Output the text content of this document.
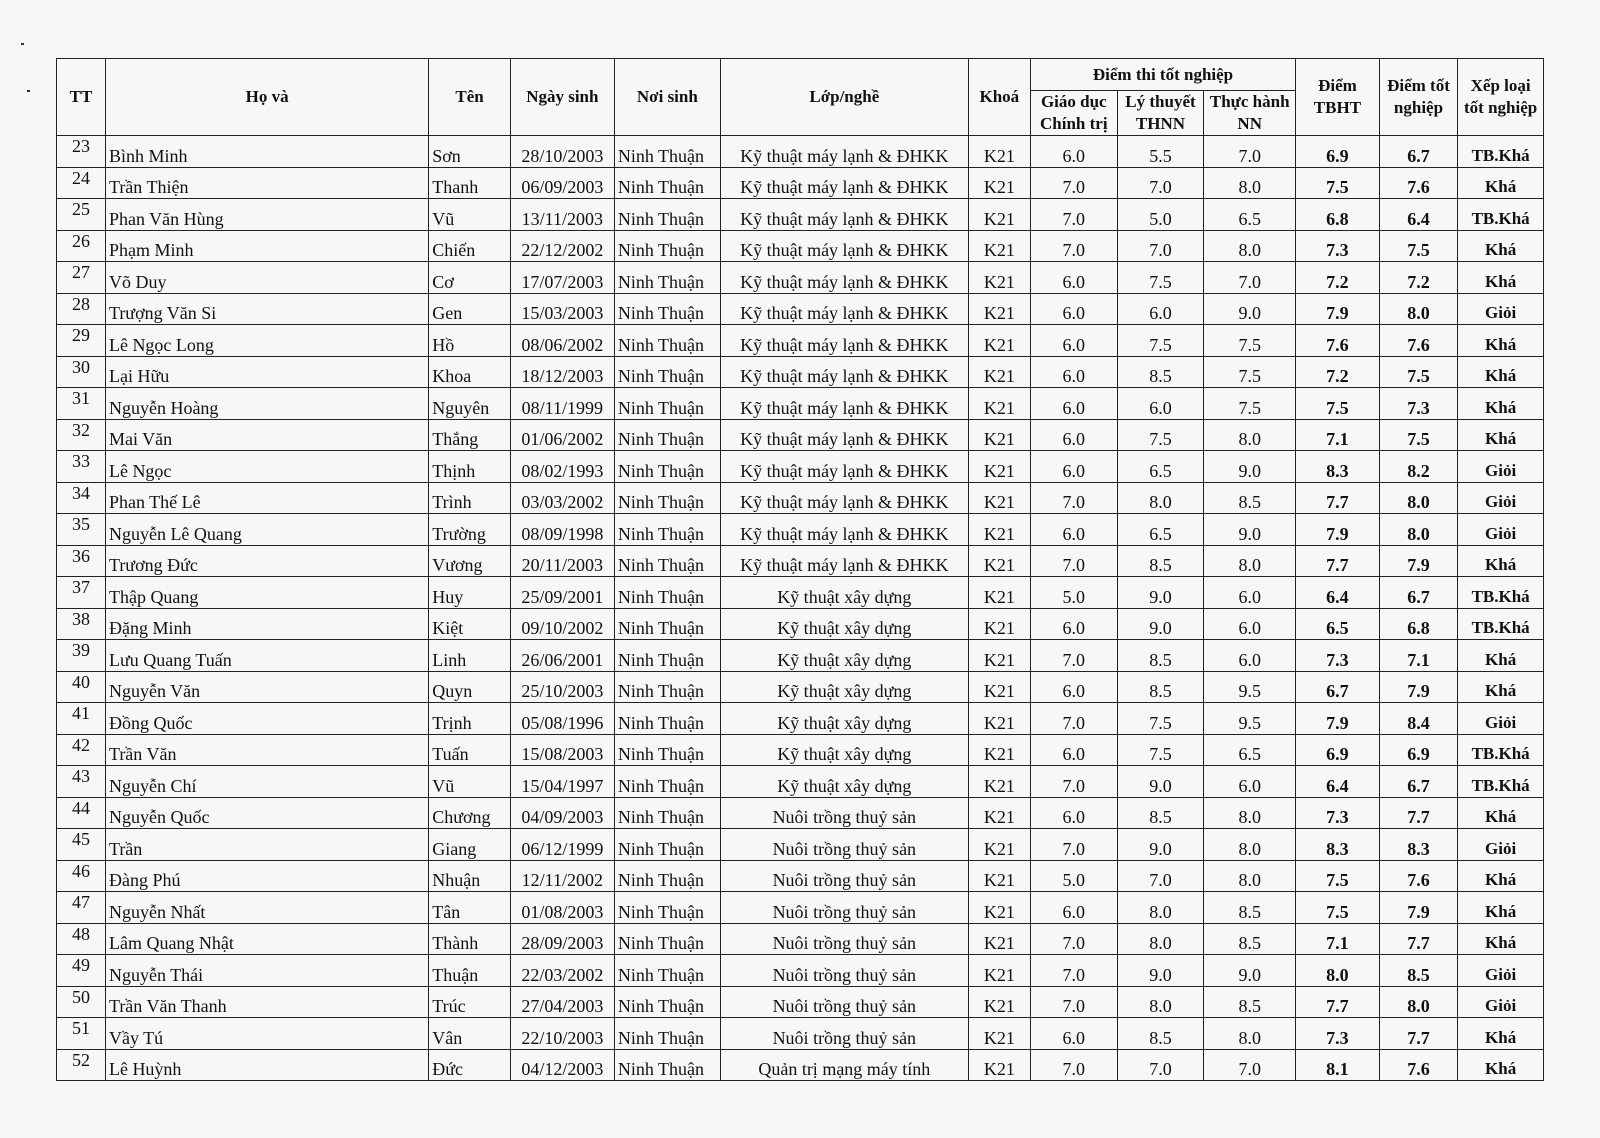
TT	Họ và	Tên	Ngày sinh	Nơi sinh	Lớp/nghề	Khoá	Điểm thi tốt nghiệp			Điểm TBHT	Điểm tốt nghiệp	Xếp loại tốt nghiệp
							Giáo dục Chính trị	Lý thuyết THNN	Thực hành NN			
23	Bình Minh	Sơn	28/10/2003	Ninh Thuận	Kỹ thuật máy lạnh & ĐHKK	K21	6.0	5.5	7.0	6.9	6.7	TB.Khá
24	Trần Thiện	Thanh	06/09/2003	Ninh Thuận	Kỹ thuật máy lạnh & ĐHKK	K21	7.0	7.0	8.0	7.5	7.6	Khá
25	Phan Văn Hùng	Vũ	13/11/2003	Ninh Thuận	Kỹ thuật máy lạnh & ĐHKK	K21	7.0	5.0	6.5	6.8	6.4	TB.Khá
26	Phạm Minh	Chiến	22/12/2002	Ninh Thuận	Kỹ thuật máy lạnh & ĐHKK	K21	7.0	7.0	8.0	7.3	7.5	Khá
27	Võ Duy	Cơ	17/07/2003	Ninh Thuận	Kỹ thuật máy lạnh & ĐHKK	K21	6.0	7.5	7.0	7.2	7.2	Khá
28	Trượng Văn Si	Gen	15/03/2003	Ninh Thuận	Kỹ thuật máy lạnh & ĐHKK	K21	6.0	6.0	9.0	7.9	8.0	Giỏi
29	Lê Ngọc Long	Hồ	08/06/2002	Ninh Thuận	Kỹ thuật máy lạnh & ĐHKK	K21	6.0	7.5	7.5	7.6	7.6	Khá
30	Lại Hữu	Khoa	18/12/2003	Ninh Thuận	Kỹ thuật máy lạnh & ĐHKK	K21	6.0	8.5	7.5	7.2	7.5	Khá
31	Nguyễn Hoàng	Nguyên	08/11/1999	Ninh Thuận	Kỹ thuật máy lạnh & ĐHKK	K21	6.0	6.0	7.5	7.5	7.3	Khá
32	Mai Văn	Thắng	01/06/2002	Ninh Thuận	Kỹ thuật máy lạnh & ĐHKK	K21	6.0	7.5	8.0	7.1	7.5	Khá
33	Lê Ngọc	Thịnh	08/02/1993	Ninh Thuận	Kỹ thuật máy lạnh & ĐHKK	K21	6.0	6.5	9.0	8.3	8.2	Giỏi
34	Phan Thế Lê	Trình	03/03/2002	Ninh Thuận	Kỹ thuật máy lạnh & ĐHKK	K21	7.0	8.0	8.5	7.7	8.0	Giỏi
35	Nguyễn Lê Quang	Trường	08/09/1998	Ninh Thuận	Kỹ thuật máy lạnh & ĐHKK	K21	6.0	6.5	9.0	7.9	8.0	Giỏi
36	Trương Đức	Vương	20/11/2003	Ninh Thuận	Kỹ thuật máy lạnh & ĐHKK	K21	7.0	8.5	8.0	7.7	7.9	Khá
37	Thập Quang	Huy	25/09/2001	Ninh Thuận	Kỹ thuật xây dựng	K21	5.0	9.0	6.0	6.4	6.7	TB.Khá
38	Đặng Minh	Kiệt	09/10/2002	Ninh Thuận	Kỹ thuật xây dựng	K21	6.0	9.0	6.0	6.5	6.8	TB.Khá
39	Lưu Quang Tuấn	Linh	26/06/2001	Ninh Thuận	Kỹ thuật xây dựng	K21	7.0	8.5	6.0	7.3	7.1	Khá
40	Nguyễn Văn	Quyn	25/10/2003	Ninh Thuận	Kỹ thuật xây dựng	K21	6.0	8.5	9.5	6.7	7.9	Khá
41	Đồng Quốc	Trịnh	05/08/1996	Ninh Thuận	Kỹ thuật xây dựng	K21	7.0	7.5	9.5	7.9	8.4	Giỏi
42	Trần Văn	Tuấn	15/08/2003	Ninh Thuận	Kỹ thuật xây dựng	K21	6.0	7.5	6.5	6.9	6.9	TB.Khá
43	Nguyễn Chí	Vũ	15/04/1997	Ninh Thuận	Kỹ thuật xây dựng	K21	7.0	9.0	6.0	6.4	6.7	TB.Khá
44	Nguyễn Quốc	Chương	04/09/2003	Ninh Thuận	Nuôi trồng thuỷ sản	K21	6.0	8.5	8.0	7.3	7.7	Khá
45	Trần	Giang	06/12/1999	Ninh Thuận	Nuôi trồng thuỷ sản	K21	7.0	9.0	8.0	8.3	8.3	Giỏi
46	Đàng Phú	Nhuận	12/11/2002	Ninh Thuận	Nuôi trồng thuỷ sản	K21	5.0	7.0	8.0	7.5	7.6	Khá
47	Nguyễn Nhất	Tân	01/08/2003	Ninh Thuận	Nuôi trồng thuỷ sản	K21	6.0	8.0	8.5	7.5	7.9	Khá
48	Lâm Quang Nhật	Thành	28/09/2003	Ninh Thuận	Nuôi trồng thuỷ sản	K21	7.0	8.0	8.5	7.1	7.7	Khá
49	Nguyễn Thái	Thuận	22/03/2002	Ninh Thuận	Nuôi trồng thuỷ sản	K21	7.0	9.0	9.0	8.0	8.5	Giỏi
50	Trần Văn Thanh	Trúc	27/04/2003	Ninh Thuận	Nuôi trồng thuỷ sản	K21	7.0	8.0	8.5	7.7	8.0	Giỏi
51	Vầy Tú	Vân	22/10/2003	Ninh Thuận	Nuôi trồng thuỷ sản	K21	6.0	8.5	8.0	7.3	7.7	Khá
52	Lê Huỳnh	Đức	04/12/2003	Ninh Thuận	Quản trị mạng máy tính	K21	7.0	7.0	7.0	8.1	7.6	Khá
